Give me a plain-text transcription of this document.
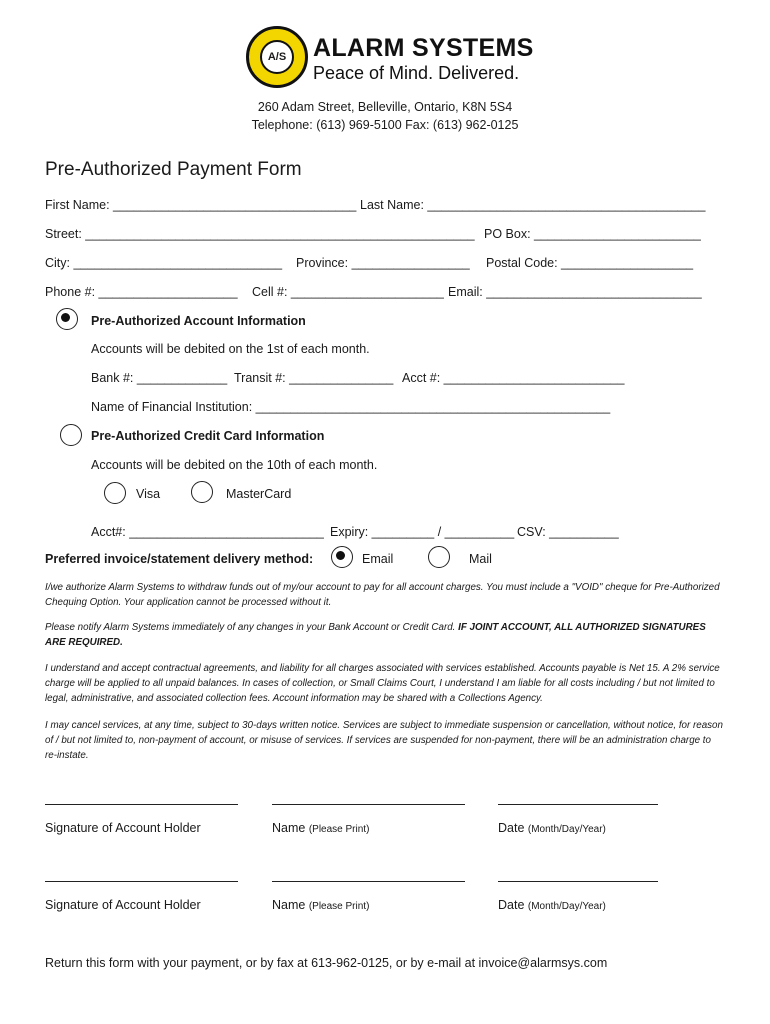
A/S	ALARM SYSTEMS
Peace of Mind. Delivered.
260 Adam Street, Belleville, Ontario, K8N 5S4
Telephone: (613) 969-5100 Fax: (613) 962-0125
Pre-Authorized Payment Form
First Name: ___________________________________ Last Name: ________________________________________
Street: ________________________________________________________ PO Box: ________________________
City: ______________________________ Province: _________________ Postal Code: ___________________
Phone #: ____________________ Cell #: ______________________ Email: _______________________________
Pre-Authorized Account Information
Accounts will be debited on the 1st of each month.
Bank #: _____________ Transit #: _______________ Acct #: __________________________
Name of Financial Institution: ___________________________________________________
Pre-Authorized Credit Card Information
Accounts will be debited on the 10th of each month.
Visa	MasterCard
Acct#: ____________________________ Expiry: _________ / __________ CSV: __________
Preferred invoice/statement delivery method:	Email	Mail
I/we authorize Alarm Systems to withdraw funds out of my/our account to pay for all account charges. You must include a "VOID" cheque for Pre-Authorized Chequing Option. Your application cannot be processed without it.
Please notify Alarm Systems immediately of any changes in your Bank Account or Credit Card. IF JOINT ACCOUNT, ALL AUTHORIZED SIGNATURES ARE REQUIRED.
I understand and accept contractual agreements, and liability for all charges associated with services established. Accounts payable is Net 15. A 2% service charge will be applied to all unpaid balances. In cases of collection, or Small Claims Court, I understand I am liable for all costs including / but not limited to legal, administrative, and associated collection fees. Account information may be shared with a Collections Agency.
I may cancel services, at any time, subject to 30-days written notice. Services are subject to immediate suspension or cancellation, without notice, for reason of / but not limited to, non-payment of account, or misuse of services. If services are suspended for non-payment, there will be an administration charge to re-instate.
Signature of Account Holder	Name (Please Print)	Date (Month/Day/Year)
Signature of Account Holder	Name (Please Print)	Date (Month/Day/Year)
Return this form with your payment, or by fax at 613-962-0125, or by e-mail at invoice@alarmsys.com
